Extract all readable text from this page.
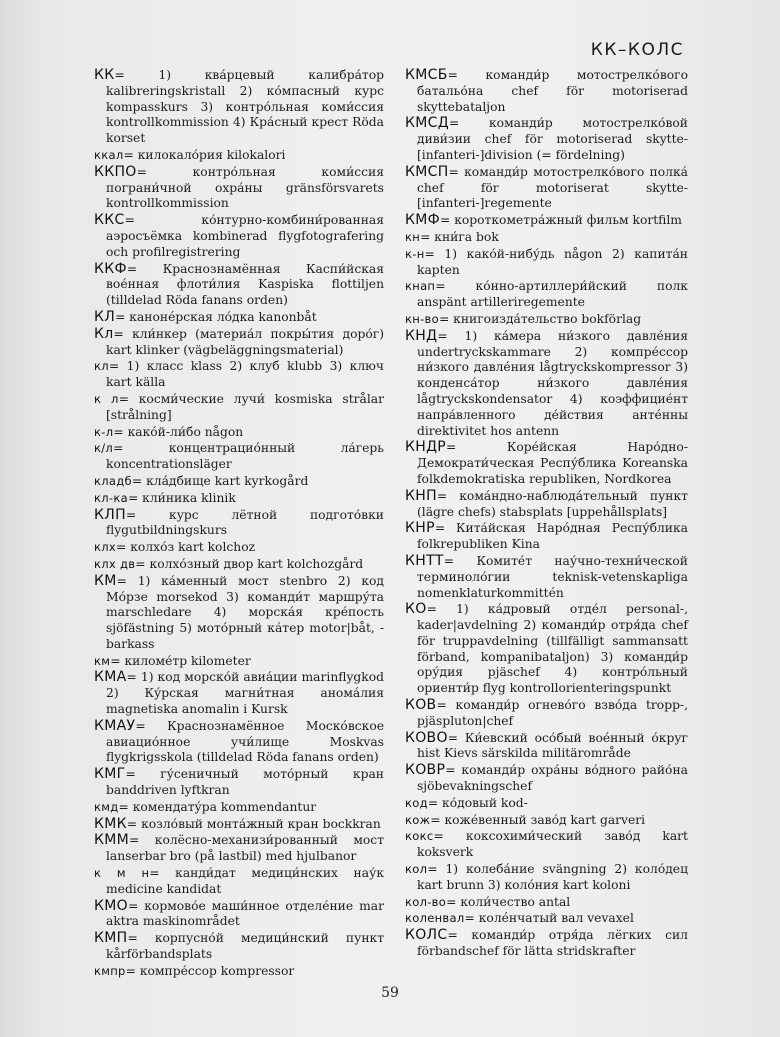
КК–КОЛС
КК= 1) ква́рцевый калибра́тор kalibreringskristall 2) ко́мпасный курс kompasskurs 3) контро́льная коми́ссия kontrollkommission 4) Кра́сный крест Röda korset
ккал= килокало́рия kilokalori
ККПО= контро́льная коми́ссия пограни́чной охра́ны gränsförsvarets kontrollkommission
ККС= ко́нтурно-комбини́рованная аэросъёмка kombinerad flygfotografering och profilregistrering
ККФ= Краснознамённая Каспи́йская вое́нная флоти́лия Kaspiska flottiljen (tilldelad Röda fanans orden)
КЛ= канонéрская ло́дка kanonbåt
Кл= кли́нкер (материа́л покры́тия доро́г) kart klinker (vägbeläggningsmaterial)
кл= 1) класс klass 2) клуб klubb 3) ключ kart källa
к л= косми́ческие лучи́ kosmiska strålar [strålning]
к-л= како́й-ли́бо någon
к/л= концентрацио́нный ла́герь koncentrationsläger
кладб= кла́дбище kart kyrkogård
кл-ка= кли́ника klinik
КЛП= курс лётной подгото́вки flygutbildningskurs
клх= колхо́з kart kolchoz
клх дв= колхо́зный двор kart kolchozgård
КМ= 1) ка́менный мост stenbro 2) код Мо́рзе morsekod 3) команди́т маршру́та marschledare 4) морска́я кре́пость sjöfästning 5) мото́рный ка́тер motor|båt, -barkass
км= киломе́тр kilometer
КМА= 1) код морско́й авиа́ции marinflygkod 2) Ку́рская магни́тная анома́лия magnetiska anomalin i Kursk
КМАУ= Краснознамённое Моско́вское авиацио́нное учи́лище Moskvas flygkrigsskola (tilldelad Röda fanans orden)
КМГ= гу́сеничный мото́рный кран banddriven lyftkran
кмд= комендату́ра kommendantur
КМК= козло́вый монта́жный кран bockkran
КММ= колёсно-механизи́рованный мост lanserbar bro (på lastbil) med hjulbanor
к м н= канди́дат медици́нских нау́к medicine kandidat
КМО= кормово́е маши́нное отделе́ние mar aktra maskinområdet
КМП= корпусно́й медици́нский пункт kårförbandsplats
кмпр= компре́ссор kompressor
КМСБ= команди́р мотострелко́вого батальо́на chef för motoriserad skyttebataljon
КМСД= команди́р мотострелко́вой диви́зии chef för motoriserad skytte- [infanteri-]division (= fördelning)
КМСП= команди́р мотострелко́вого полка́ chef för motoriserat skytte- [infanteri-]regemente
КМФ= короткометра́жный фильм kortfilm
кн= кни́га bok
к-н= 1) како́й-нибу́дь någon 2) капита́н kapten
кнап= ко́нно-артиллери́йский полк anspänt artilleriregemente
кн-во= книгоизда́тельство bokförlag
КНД= 1) ка́мера ни́зкого давле́ния undertryckskammare 2) компре́ссор ни́зкого давле́ния lågtryckskompressor 3) конденса́тор ни́зкого давле́ния lågtryckskondensator 4) коэффицие́нт напра́вленного де́йствия анте́нны direktivitet hos antenn
КНДР= Коре́йская Наро́дно-Демократи́ческая Респу́блика Koreanska folkdemokratiska republiken, Nordkorea
КНП= кома́ндно-наблюда́тельный пункт (lägre chefs) stabsplats [uppehållsplats]
КНР= Кита́йская Наро́дная Респу́блика folkrepubliken Kina
КНТТ= Комите́т нау́чно-техни́ческой терминоло́гии teknisk-vetenskapliga nomenklaturkommittén
КО= 1) ка́дровый отде́л personal-, kader|avdelning 2) команди́р отря́да chef för truppavdelning (tillfälligt sammansatt förband, kompanibataljon) 3) команди́р ору́дия pjäschef 4) контро́льный ориенти́р flyg kontrollorienteringspunkt
КОВ= команди́р огнево́го взво́да tropp-, pjäspluton|chef
КОВО= Ки́евский осо́бый вое́нный о́круг hist Kievs särskilda militärområde
КОВР= команди́р охра́ны во́дного райо́на sjöbevakningschef
код= ко́довый kod-
кож= коже́венный заво́д kart garveri
кокс= коксохими́ческий заво́д kart koksverk
кол= 1) колеба́ние svängning 2) коло́дец kart brunn 3) коло́ния kart koloni
кол-во= коли́чество antal
коленвал= колéнчатый вал vevaxel
КОЛС= команди́р отря́да лёгких сил förbandschef för lätta stridskrafter
59
